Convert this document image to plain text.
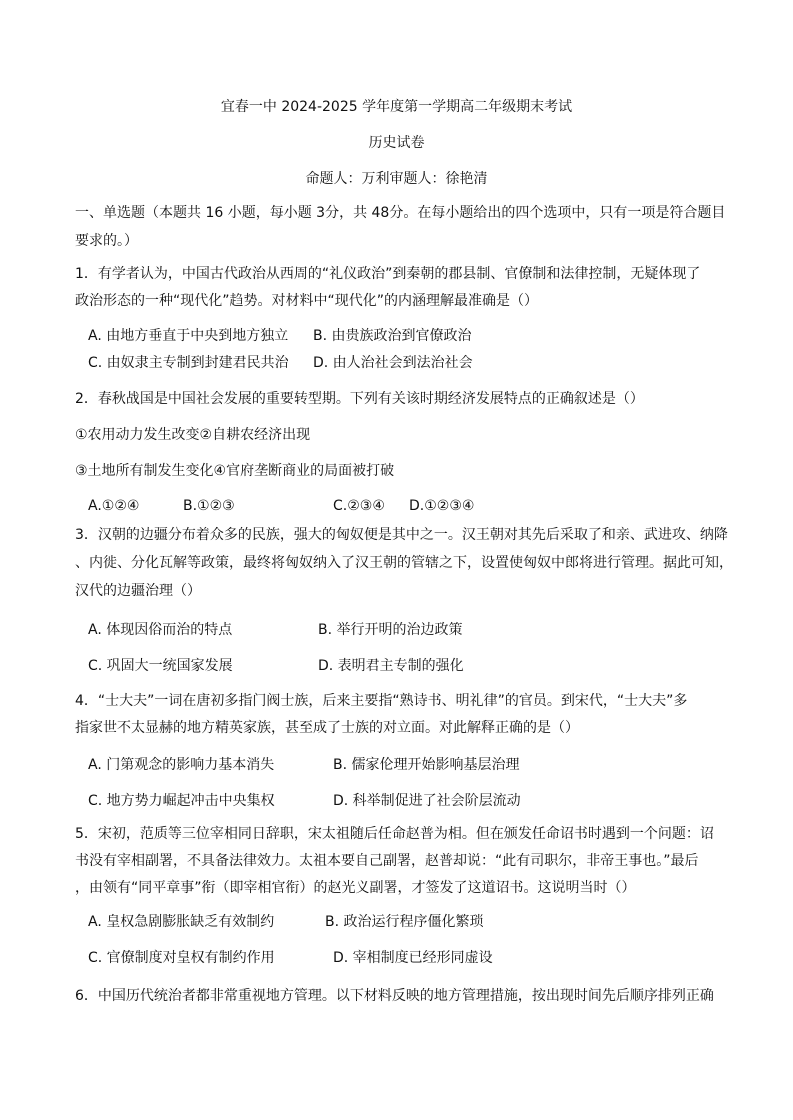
宜春一中 2024-2025 学年度第一学期高二年级期末考试
历史试卷
命题人：万利审题人：徐艳清
一、单选题（本题共 16 小题，每小题 3分，共 48分。在每小题给出的四个选项中，只有一项是符合题目
要求的。）
1．有学者认为，中国古代政治从西周的“礼仪政治”到秦朝的郡县制、官僚制和法律控制，无疑体现了
政治形态的一种“现代化”趋势。对材料中“现代化”的内涵理解最准确是（）
A. 由地方垂直于中央到地方独立 B. 由贵族政治到官僚政治
C. 由奴隶主专制到封建君民共治 D. 由人治社会到法治社会
2．春秋战国是中国社会发展的重要转型期。下列有关该时期经济发展特点的正确叙述是（）
①农用动力发生改变②自耕农经济出现
③土地所有制发生变化④官府垄断商业的局面被打破
A.①②④	B.①②③	C.②③④ D.①②③④
3．汉朝的边疆分布着众多的民族，强大的匈奴便是其中之一。汉王朝对其先后采取了和亲、武进攻、纳降
、内徙、分化瓦解等政策，最终将匈奴纳入了汉王朝的管辖之下，设置使匈奴中郎将进行管理。据此可知，
汉代的边疆治理（）
A. 体现因俗而治的特点	B. 举行开明的治边政策
C. 巩固大一统国家发展	D. 表明君主专制的强化
4．“士大夫”一词在唐初多指门阀士族，后来主要指“熟诗书、明礼律”的官员。到宋代，“士大夫”多
指家世不太显赫的地方精英家族，甚至成了士族的对立面。对此解释正确的是（）
A. 门第观念的影响力基本消失	B. 儒家伦理开始影响基层治理
C. 地方势力崛起冲击中央集权	D. 科举制促进了社会阶层流动
5．宋初，范质等三位宰相同日辞职，宋太祖随后任命赵普为相。但在颁发任命诏书时遇到一个问题：诏
书没有宰相副署，不具备法律效力。太祖本要自己副署，赵普却说：“此有司职尔，非帝王事也。”最后
，由领有“同平章事”衔（即宰相官衔）的赵光义副署，才签发了这道诏书。这说明当时（）
A. 皇权急剧膨胀缺乏有效制约	B. 政治运行程序僵化繁琐
C. 官僚制度对皇权有制约作用	D. 宰相制度已经形同虚设
6．中国历代统治者都非常重视地方管理。以下材料反映的地方管理措施，按出现时间先后顺序排列正确
